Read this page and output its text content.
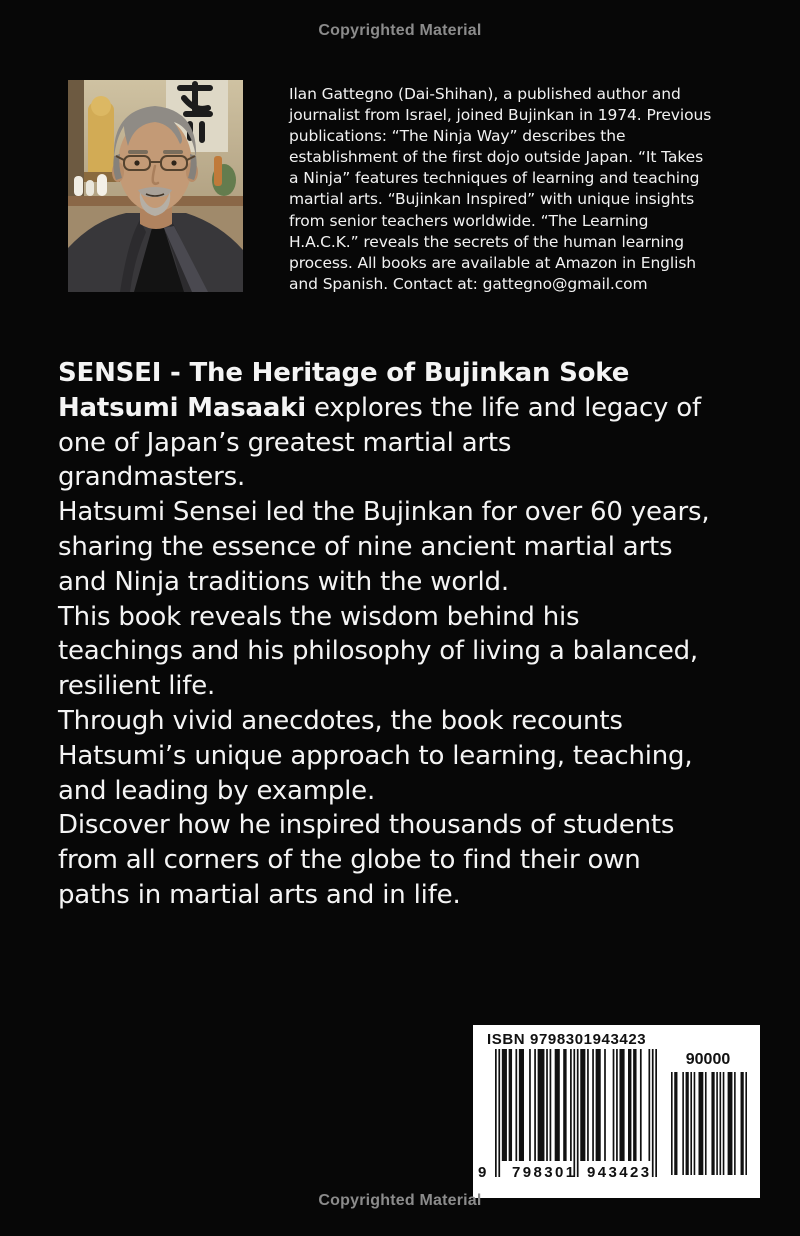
Copyrighted Material
Ilan Gattegno (Dai-Shihan), a published author and
journalist from Israel, joined Bujinkan in 1974. Previous
publications: “The Ninja Way” describes the
establishment of the first dojo outside Japan. “It Takes
a Ninja” features techniques of learning and teaching
martial arts. “Bujinkan Inspired” with unique insights
from senior teachers worldwide. “The Learning
H.A.C.K.” reveals the secrets of the human learning
process. All books are available at Amazon in English
and Spanish. Contact at: gattegno@gmail.com
SENSEI - The Heritage of Bujinkan Soke
Hatsumi Masaaki explores the life and legacy of
one of Japan’s greatest martial arts
grandmasters.
Hatsumi Sensei led the Bujinkan for over 60 years,
sharing the essence of nine ancient martial arts
and Ninja traditions with the world.
This book reveals the wisdom behind his
teachings and his philosophy of living a balanced,
resilient life.
Through vivid anecdotes, the book recounts
Hatsumi’s unique approach to learning, teaching,
and leading by example.
Discover how he inspired thousands of students
from all corners of the globe to find their own
paths in martial arts and in life.
ISBN 9798301943423
90000
9 798301 943423
Copyrighted Material
